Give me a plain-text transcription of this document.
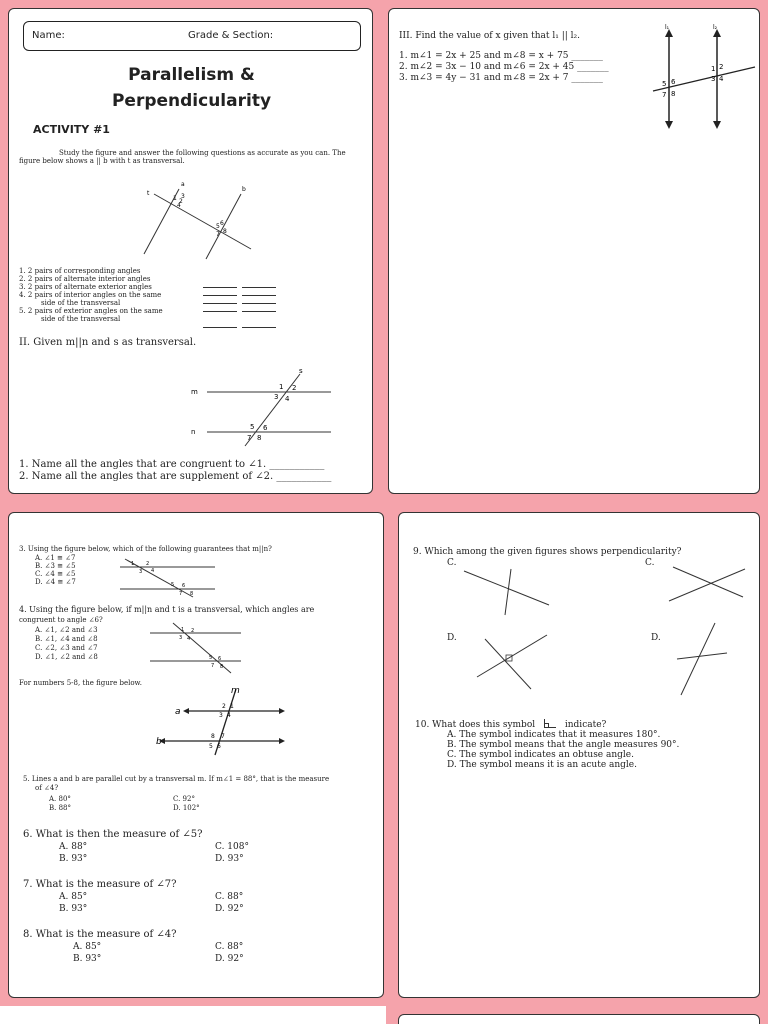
Name:	Grade & Section:
Parallelism &
Perpendicularity
ACTIVITY #1
Study the figure and answer the following questions as accurate as you can. The
figure below shows a || b with t as transversal.
a
b
t
1 2
3
4
5 6
7 8
1. 2 pairs of corresponding angles
2. 2 pairs of alternate interior angles
3. 2 pairs of alternate exterior angles
4. 2 pairs of interior angles on the same
side of the transversal
5. 2 pairs of exterior angles on the same
side of the transversal

II. Given m||n and s as transversal.
m
n
s
1 2
3 4
5 6
7 8
1. Name all the angles that are congruent to ∠1. ___________
2. Name all the angles that are supplement of ∠2. ___________
III. Find the value of x given that l₁ || l₂.
1. m∠1 = 2x + 25 and m∠8 = x + 75 _______
2. m∠2 = 3x − 10 and m∠6 = 2x + 45 _______
3. m∠3 = 4y − 31 and m∠8 = 2x + 7 _______
l₁	l₂
1 2
3 4
5 6
7 8
3. Using the figure below, which of the following guarantees that m||n?
A. ∠1 ≅ ∠7
B. ∠3 ≅ ∠5
C. ∠4 ≅ ∠5
D. ∠4 ≅ ∠7
1 2
3 4
5 6
7 8
4. Using the figure below, if m||n and t is a transversal, which angles are
congruent to angle ∠6?
A. ∠1, ∠2 and ∠3
B. ∠1, ∠4 and ∠8
C. ∠2, ∠3 and ∠7
D. ∠1, ∠2 and ∠8
1 2
3 4
5 6
7 8
For numbers 5-8, the figure below.
a
b
m
2 1
3 4
8 7
5 6
5. Lines a and b are parallel cut by a transversal m. If m∠1 = 88°, that is the measure
of ∠4?
A. 80°	C. 92°
B. 88°	D. 102°
6. What is then the measure of ∠5?
A. 88°	C. 108°
B. 93°	D. 93°
7. What is the measure of ∠7?
A. 85°	C. 88°
B. 93°	D. 92°
8. What is the measure of ∠4?
A. 85°	C. 88°
B. 93°	D. 92°
9. Which among the given figures shows perpendicularity?
C.	C.
D.	D.
10. What does this symbol	indicate?
A. The symbol indicates that it measures 180°.
B. The symbol means that the angle measures 90°.
C. The symbol indicates an obtuse angle.
D. The symbol means it is an acute angle.
